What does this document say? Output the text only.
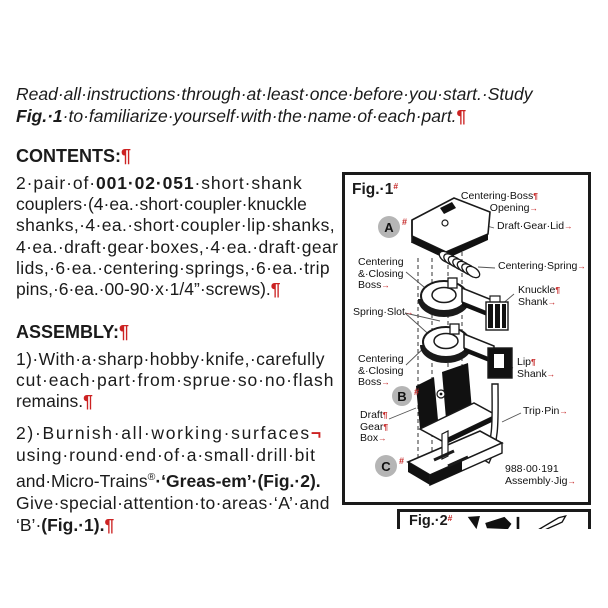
Read·all·instructions·through·at·least·once·before·you·start.·Study
Fig.·1·to·familiarize·yourself·with·the·name·of·each·part.¶
CONTENTS:¶
2·pair·of·001·02·051·short·shank
couplers·(4·ea.·short·coupler·knuckle
shanks,·4·ea.·short·coupler·lip·shanks,
4·ea.·draft·gear·boxes,·4·ea.·draft·gear
lids,·6·ea.·centering·springs,·6·ea.·trip
pins,·6·ea.·00-90·x·1/4”·screws).¶
ASSEMBLY:¶
1)·With·a·sharp·hobby·knife,·carefully
cut·each·part·from·sprue·so·no·flash
remains.¶
2)·Burnish·all·working·surfaces¬
using·round·end·of·a·small·drill·bit
and·Micro-Trains®·‘Greas-em’·(Fig.·2).
Give·special·attention·to·areas·‘A’·and
‘B’·(Fig.·1).¶
Fig.·1 #
A #
B #
C #
Centering·Boss¶
Opening→
Draft·Gear·Lid→
Centering
&·Closing
Boss→
Centering·Spring→
Knuckle¶
Shank→
Spring·Slot→
Centering
&·Closing
Boss→
Lip¶
Shank→
Draft¶
Gear¶
Box→
Trip·Pin→
988·00·191
Assembly·Jig→
Fig.·2 #
